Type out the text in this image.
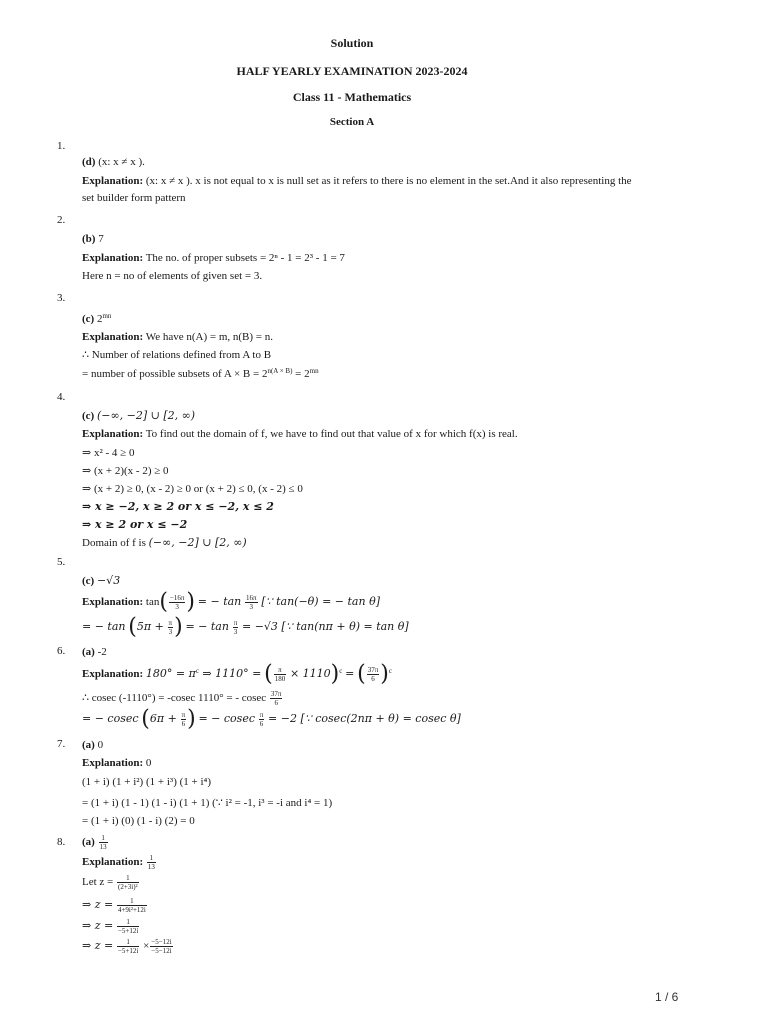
Solution
HALF YEARLY EXAMINATION 2023-2024
Class 11 - Mathematics
Section A
1.
(d) (x: x ≠ x ).
Explanation: (x: x ≠ x ). x is not equal to x is null set as it refers to there is no element in the set.And it also representing the
set builder form pattern
2.
(b) 7
Explanation: The no. of proper subsets = 2ⁿ - 1 = 2³ - 1 = 7
Here n = no of elements of given set = 3.
3.
(c) $2^{mn}$
Explanation: We have n(A) = m, n(B) = n.
∴ Number of relations defined from A to B
= number of possible subsets of $A \times B = 2^{n(A \times B)} = 2^{mn}$
4.
(c) (−∞, −2] ∪ [2, ∞)
Explanation: To find out the domain of f, we have to find out that value of x for which f(x) is real.
⇒ x² - 4 ≥ 0
⇒ (x + 2)(x - 2) ≥ 0
⇒ (x + 2) ≥ 0, (x - 2) ≥ 0 or (x + 2) ≤ 0, (x - 2) ≤ 0
⇒ x ≥ −2, x ≥ 2 or x ≤ −2, x ≤ 2
⇒ x ≥ 2 or x ≤ −2
Domain of f is (−∞, −2] ∪ [2, ∞)
5.
(c) −√3
Explanation: $\tan( \frac{-16\pi}{3}$ ) = − $\tan \frac{16\pi}{3}$ [∵ tan(−θ) = − tan θ]
= − $\tan (5\pi + \frac{\pi}{3}$ ) = − $\tan \frac{\pi}{3} = -√3$ [∵ tan(nπ + θ) = tan θ]
6. (a) -2
Explanation: $180^\circ = \pi^c$ ⇒ 1110° = ( $\frac{\pi}{180} \times 1110)^c$ = ( $\frac{37\pi}{6} )^c$
∴ cosec (-1110°) = -cosec 1110° = - cosec $\frac{37\pi}{6}$
= − cosec ($6\pi + \frac{\pi}{6}$ ) = − cosec $\frac{\pi}{6} = -2$ [∵ cosec(2nπ + θ) = cosec θ]
7. (a) 0
Explanation: 0
(1 + i) (1 + i²) (1 + i³) (1 + i⁴)
= (1 + i) (1 - 1) (1 - i) (1 + 1) (∵ i² = -1, i³ = -i and i⁴ = 1)
= (1 + i) (0) (1 - i) (2) = 0
8. $(a) \frac{1}{13}$
Explanation: $\frac{1}{13}$
Let $z = \frac{1}{\text{(2+3i)²}}$
⇒ $z = \frac{1}{\text{4+9i²+12i}}$
⇒ $z = \frac{1}{-5+12i}$
⇒ $z = \frac{1}{-5+12i} \times \frac{-5-12i}{-5-12i}$
1 / 6
